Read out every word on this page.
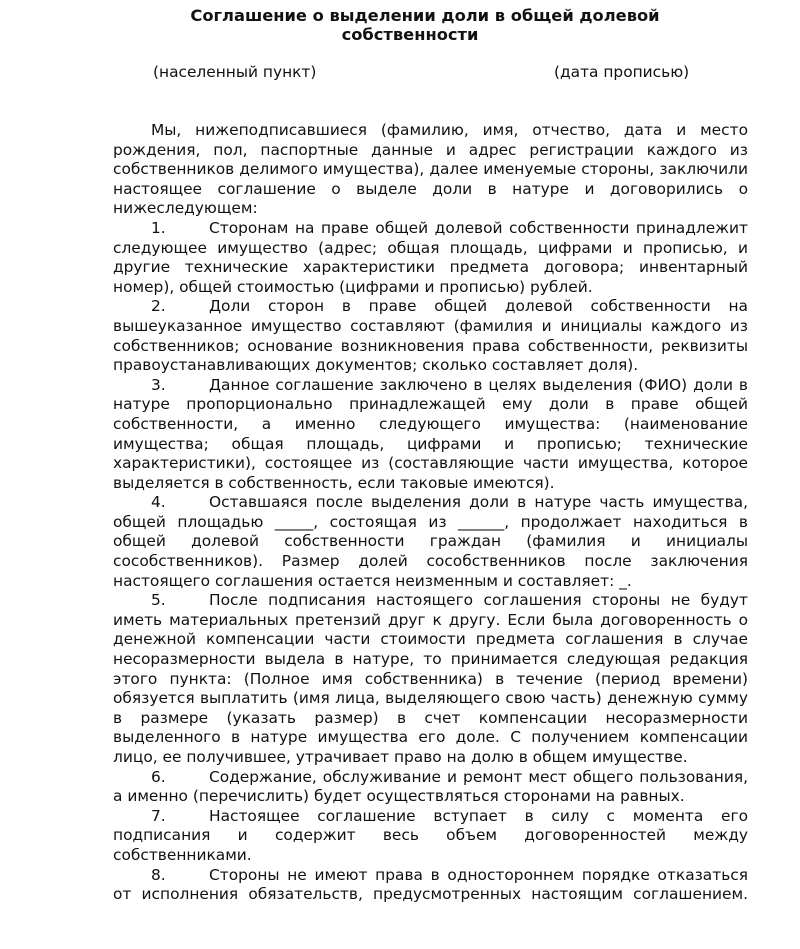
Соглашение о выделении доли в общей долевой
собственности
(населенный пункт)	(дата прописью)

Мы, нижеподписавшиеся (фамилию, имя, отчество, дата и место рождения, пол, паспортные данные и адрес регистрации каждого из собственников делимого имущества), далее именуемые стороны, заключили настоящее соглашение о выделе доли в натуре и договорились о нижеследующем:

1.	Сторонам на праве общей долевой собственности принадлежит следующее имущество (адрес; общая площадь, цифрами и прописью, и другие технические характеристики предмета договора; инвентарный номер), общей стоимостью (цифрами и прописью) рублей.

2.	Доли сторон в праве общей долевой собственности на вышеуказанное имущество составляют (фамилия и инициалы каждого из собственников; основание возникновения права собственности, реквизиты правоустанавливающих документов; сколько составляет доля).

3.	Данное соглашение заключено в целях выделения (ФИО) доли в натуре пропорционально принадлежащей ему доли в праве общей собственности, а именно следующего имущества: (наименование имущества; общая площадь, цифрами и прописью; технические характеристики), состоящее из (составляющие части имущества, которое выделяется в собственность, если таковые имеются).

4.	Оставшаяся после выделения доли в натуре часть имущества, общей площадью _____, состоящая из ______, продолжает находиться в общей долевой собственности граждан (фамилия и инициалы сособственников). Размер долей сособственников после заключения настоящего соглашения остается неизменным и составляет: _.

5.	После подписания настоящего соглашения стороны не будут иметь материальных претензий друг к другу. Если была договоренность о денежной компенсации части стоимости предмета соглашения в случае несоразмерности выдела в натуре, то принимается следующая редакция этого пункта: (Полное имя собственника) в течение (период времени) обязуется выплатить (имя лица, выделяющего свою часть) денежную сумму в размере (указать размер) в счет компенсации несоразмерности выделенного в натуре имущества его доле. С получением компенсации лицо, ее получившее, утрачивает право на долю в общем имуществе.

6.	Содержание, обслуживание и ремонт мест общего пользования, а именно (перечислить) будет осуществляться сторонами на равных.

7.	Настоящее соглашение вступает в силу с момента его подписания и содержит весь объем договоренностей между собственниками.

8.	Стороны не имеют права в одностороннем порядке отказаться от исполнения обязательств, предусмотренных настоящим соглашением.
